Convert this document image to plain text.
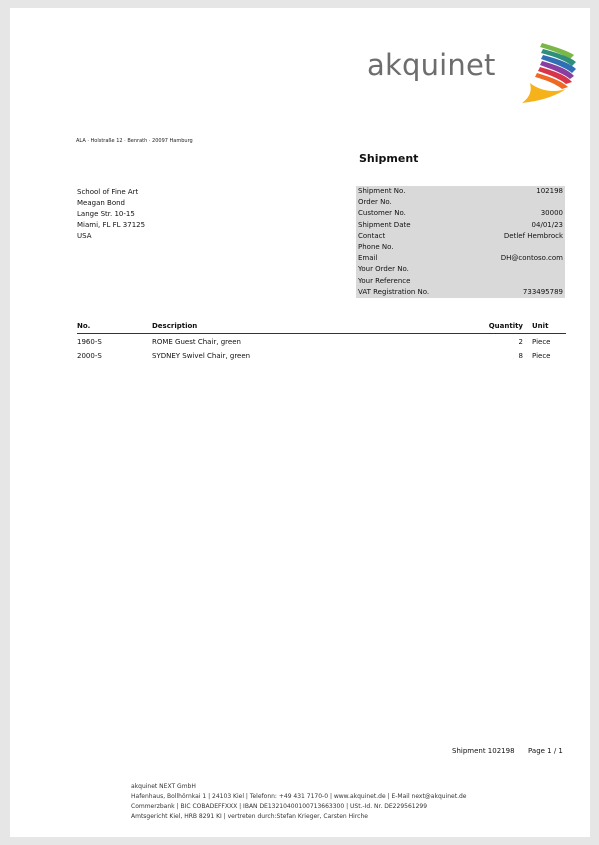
akquinet
ALA · Holstraße 12 · Benrath · 20097 Hamburg
Shipment
School of Fine Art
Meagan Bond
Lange Str. 10-15
Miami, FL FL 37125
USA
Shipment No.	102198
Order No.
Customer No.	30000
Shipment Date	04/01/23
Contact	Detlef Hembrock
Phone No.
Email	DH@contoso.com
Your Order No.
Your Reference
VAT Registration No.	733495789
No.	Description	Quantity Unit
1960-S	ROME Guest Chair, green	2 Piece
2000-S	SYDNEY Swivel Chair, green	8 Piece
Shipment 102198 Page 1 / 1
akquinet NEXT GmbH
Hafenhaus, Bollhörnkai 1 | 24103 Kiel | Telefonn: +49 431 7170-0 | www.akquinet.de | E-Mail next@akquinet.de
Commerzbank | BIC COBADEFFXXX | IBAN DE13210400100713663300 | USt.-Id. Nr. DE229561299
Amtsgericht Kiel, HRB 8291 KI | vertreten durch:Stefan Krieger, Carsten Hirche
